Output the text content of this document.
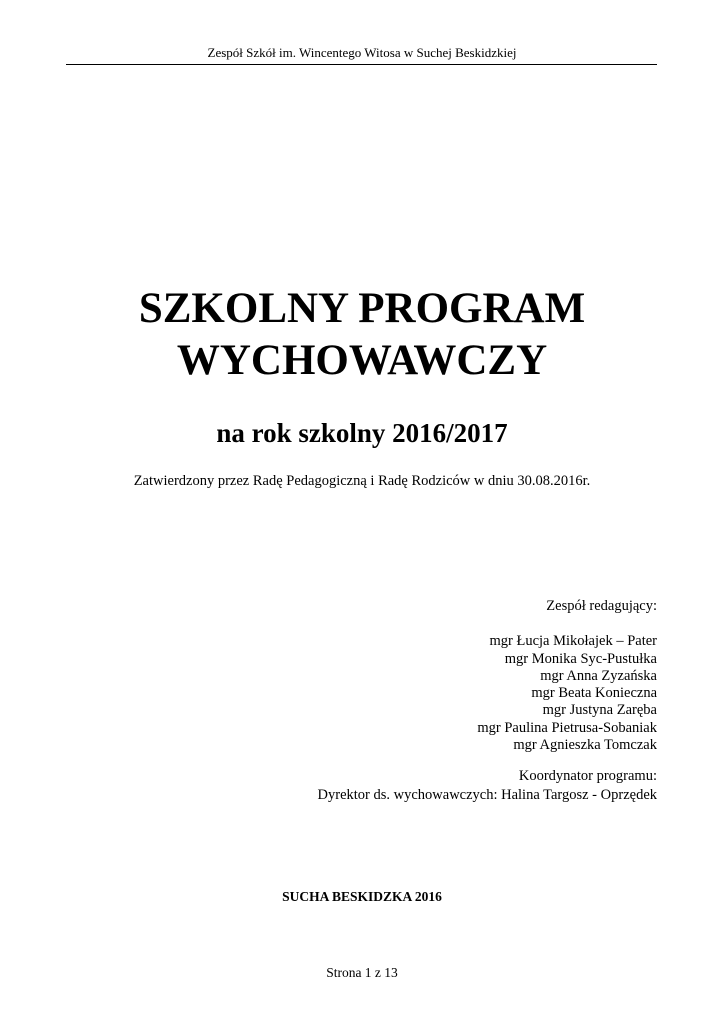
Zespół Szkół im. Wincentego Witosa w Suchej Beskidzkiej
SZKOLNY PROGRAM
WYCHOWAWCZY
na rok szkolny 2016/2017
Zatwierdzony przez Radę Pedagogiczną i Radę Rodziców w dniu 30.08.2016r.
Zespół redagujący:
mgr Łucja Mikołajek – Pater
mgr Monika Syc-Pustułka
mgr Anna Zyzańska
mgr Beata Konieczna
mgr Justyna Zaręba
mgr Paulina Pietrusa-Sobaniak
mgr Agnieszka Tomczak
Koordynator programu:
Dyrektor ds. wychowawczych: Halina Targosz - Oprzędek
SUCHA BESKIDZKA 2016
Strona 1 z 13
